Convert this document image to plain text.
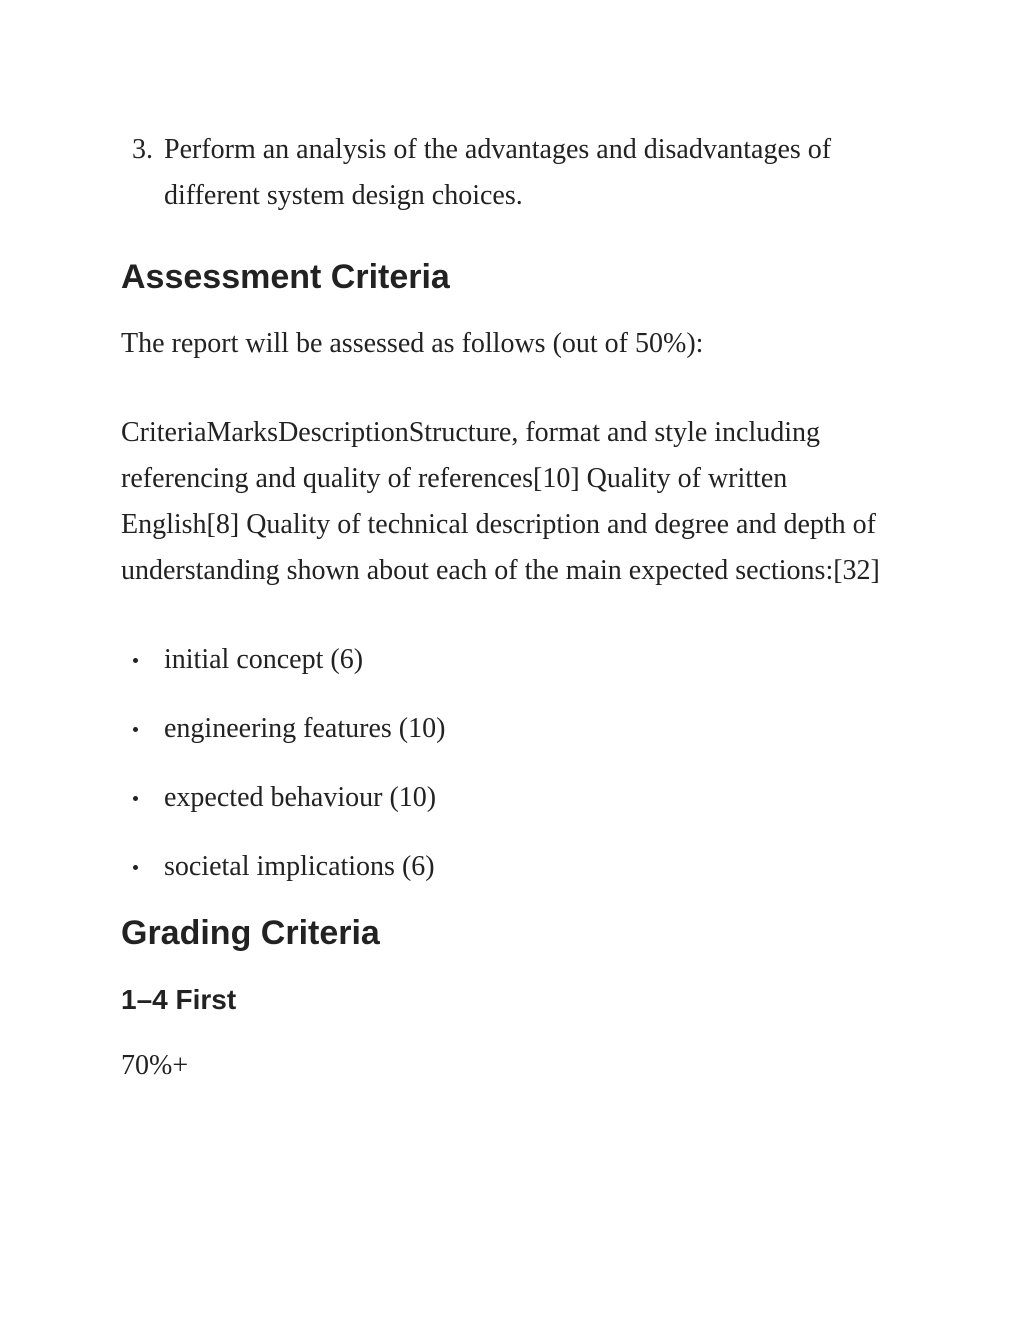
3. Perform an analysis of the advantages and disadvantages of different system design choices.
Assessment Criteria

The report will be assessed as follows (out of 50%):

CriteriaMarksDescriptionStructure, format and style including referencing and quality of references[10] Quality of written English[8] Quality of technical description and degree and depth of understanding shown about each of the main expected sections:[32]

initial concept (6)
engineering features (10)
expected behaviour (10)
societal implications (6)
Grading Criteria
1–4 First

70%+
